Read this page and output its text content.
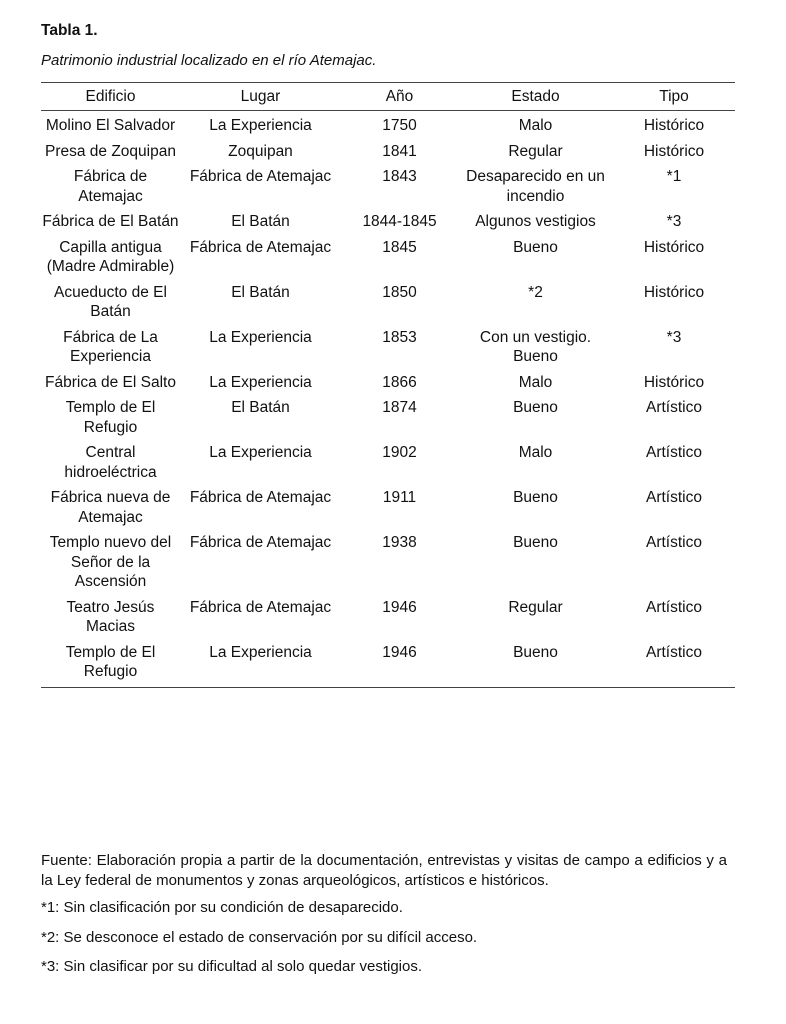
Tabla 1.
Patrimonio industrial localizado en el río Atemajac.
Edificio	Lugar	Año	Estado	Tipo
Molino El Salvador	La Experiencia	1750	Malo	Histórico
Presa de Zoquipan	Zoquipan	1841	Regular	Histórico
Fábrica de Atemajac	Fábrica de Atemajac	1843	Desaparecido en un incendio	*1
Fábrica de El Batán	El Batán	1844-1845	Algunos vestigios	*3
Capilla antigua (Madre Admirable)	Fábrica de Atemajac	1845	Bueno	Histórico
Acueducto de El Batán	El Batán	1850	*2	Histórico
Fábrica de La Experiencia	La Experiencia	1853	Con un vestigio. Bueno	*3
Fábrica de El Salto	La Experiencia	1866	Malo	Histórico
Templo de El Refugio	El Batán	1874	Bueno	Artístico
Central hidroeléctrica	La Experiencia	1902	Malo	Artístico
Fábrica nueva de Atemajac	Fábrica de Atemajac	1911	Bueno	Artístico
Templo nuevo del Señor de la Ascensión	Fábrica de Atemajac	1938	Bueno	Artístico
Teatro Jesús Macias	Fábrica de Atemajac	1946	Regular	Artístico
Templo de El Refugio	La Experiencia	1946	Bueno	Artístico

Fuente: Elaboración propia a partir de la documentación, entrevistas y visitas de campo a edificios y a la Ley federal de monumentos y zonas arqueológicos, artísticos e históricos.

*1: Sin clasificación por su condición de desaparecido.

*2: Se desconoce el estado de conservación por su difícil acceso.

*3: Sin clasificar por su dificultad al solo quedar vestigios.
